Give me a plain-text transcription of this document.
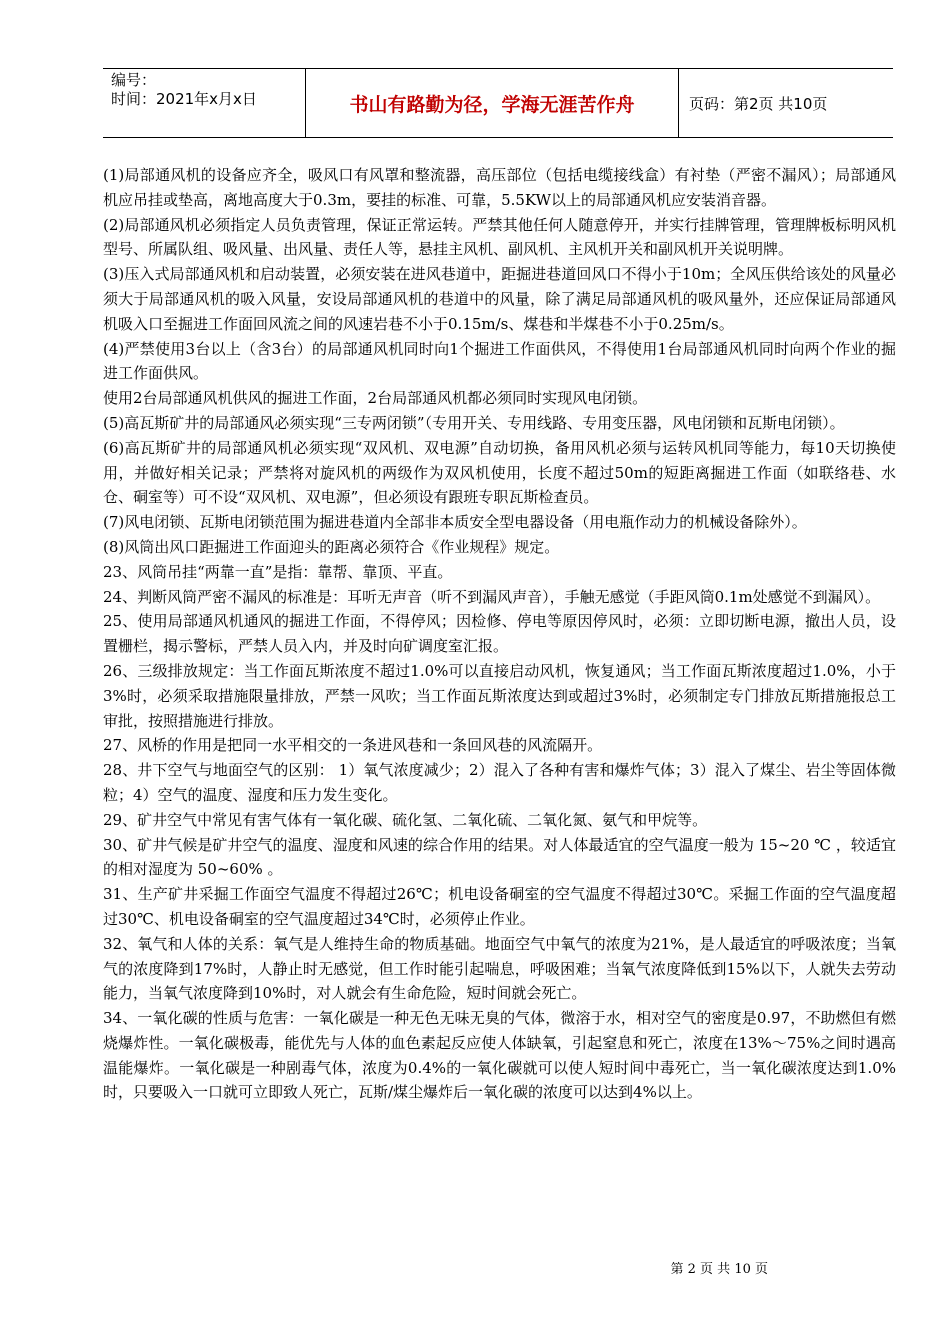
编号：
时间：2021年x月x日	书山有路勤为径，学海无涯苦作舟	页码：第2页 共10页

(1)局部通风机的设备应齐全，吸风口有风罩和整流器，高压部位（包括电缆接线盒）有衬垫（严密不漏风）；局部通风机应吊挂或垫高，离地高度大于0.3m，要挂的标准、可靠，5.5KW以上的局部通风机应安装消音器。

(2)局部通风机必须指定人员负责管理，保证正常运转。严禁其他任何人随意停开，并实行挂牌管理，管理牌板标明风机型号、所属队组、吸风量、出风量、责任人等，悬挂主风机、副风机、主风机开关和副风机开关说明牌。

(3)压入式局部通风机和启动装置，必须安装在进风巷道中，距掘进巷道回风口不得小于10m；全风压供给该处的风量必须大于局部通风机的吸入风量，安设局部通风机的巷道中的风量，除了满足局部通风机的吸风量外，还应保证局部通风机吸入口至掘进工作面回风流之间的风速岩巷不小于0.15m/s、煤巷和半煤巷不小于0.25m/s。

(4)严禁使用3台以上（含3台）的局部通风机同时向1个掘进工作面供风，不得使用1台局部通风机同时向两个作业的掘进工作面供风。

使用2台局部通风机供风的掘进工作面，2台局部通风机都必须同时实现风电闭锁。

(5)高瓦斯矿井的局部通风必须实现“三专两闭锁”（专用开关、专用线路、专用变压器，风电闭锁和瓦斯电闭锁）。

(6)高瓦斯矿井的局部通风机必须实现“双风机、双电源”自动切换，备用风机必须与运转风机同等能力，每10天切换使用，并做好相关记录；严禁将对旋风机的两级作为双风机使用，长度不超过50m的短距离掘进工作面（如联络巷、水仓、硐室等）可不设“双风机、双电源”，但必须设有跟班专职瓦斯检查员。

(7)风电闭锁、瓦斯电闭锁范围为掘进巷道内全部非本质安全型电器设备（用电瓶作动力的机械设备除外）。

(8)风筒出风口距掘进工作面迎头的距离必须符合《作业规程》规定。

23、风筒吊挂“两靠一直”是指：靠帮、靠顶、平直。

24、判断风筒严密不漏风的标准是：耳听无声音（听不到漏风声音），手触无感觉（手距风筒0.1m处感觉不到漏风）。

25、使用局部通风机通风的掘进工作面，不得停风；因检修、停电等原因停风时，必须：立即切断电源，撤出人员，设置栅栏，揭示警标，严禁人员入内，并及时向矿调度室汇报。

26、三级排放规定：当工作面瓦斯浓度不超过1.0%可以直接启动风机，恢复通风；当工作面瓦斯浓度超过1.0%，小于3%时，必须采取措施限量排放，严禁一风吹；当工作面瓦斯浓度达到或超过3%时，必须制定专门排放瓦斯措施报总工审批，按照措施进行排放。

27、风桥的作用是把同一水平相交的一条进风巷和一条回风巷的风流隔开。

28、井下空气与地面空气的区别： 1）氧气浓度减少；2）混入了各种有害和爆炸气体；3）混入了煤尘、岩尘等固体微粒；4）空气的温度、湿度和压力发生变化。

29、矿井空气中常见有害气体有一氧化碳、硫化氢、二氧化硫、二氧化氮、氨气和甲烷等。

30、矿井气候是矿井空气的温度、湿度和风速的综合作用的结果。对人体最适宜的空气温度一般为 15~20 ℃ ，较适宜的相对湿度为 50~60% 。

31、生产矿井采掘工作面空气温度不得超过26℃；机电设备硐室的空气温度不得超过30℃。采掘工作面的空气温度超过30℃、机电设备硐室的空气温度超过34℃时，必须停止作业。

32、氧气和人体的关系：氧气是人维持生命的物质基础。地面空气中氧气的浓度为21%，是人最适宜的呼吸浓度；当氧气的浓度降到17%时，人静止时无感觉，但工作时能引起喘息，呼吸困难；当氧气浓度降低到15%以下，人就失去劳动能力，当氧气浓度降到10%时，对人就会有生命危险，短时间就会死亡。

34、一氧化碳的性质与危害：一氧化碳是一种无色无味无臭的气体，微溶于水，相对空气的密度是0.97，不助燃但有燃烧爆炸性。一氧化碳极毒，能优先与人体的血色素起反应使人体缺氧，引起窒息和死亡，浓度在13%～75%之间时遇高温能爆炸。一氧化碳是一种剧毒气体，浓度为0.4%的一氧化碳就可以使人短时间中毒死亡，当一氧化碳浓度达到1.0%时，只要吸入一口就可立即致人死亡，瓦斯/煤尘爆炸后一氧化碳的浓度可以达到4%以上。

第 2 页 共 10 页
